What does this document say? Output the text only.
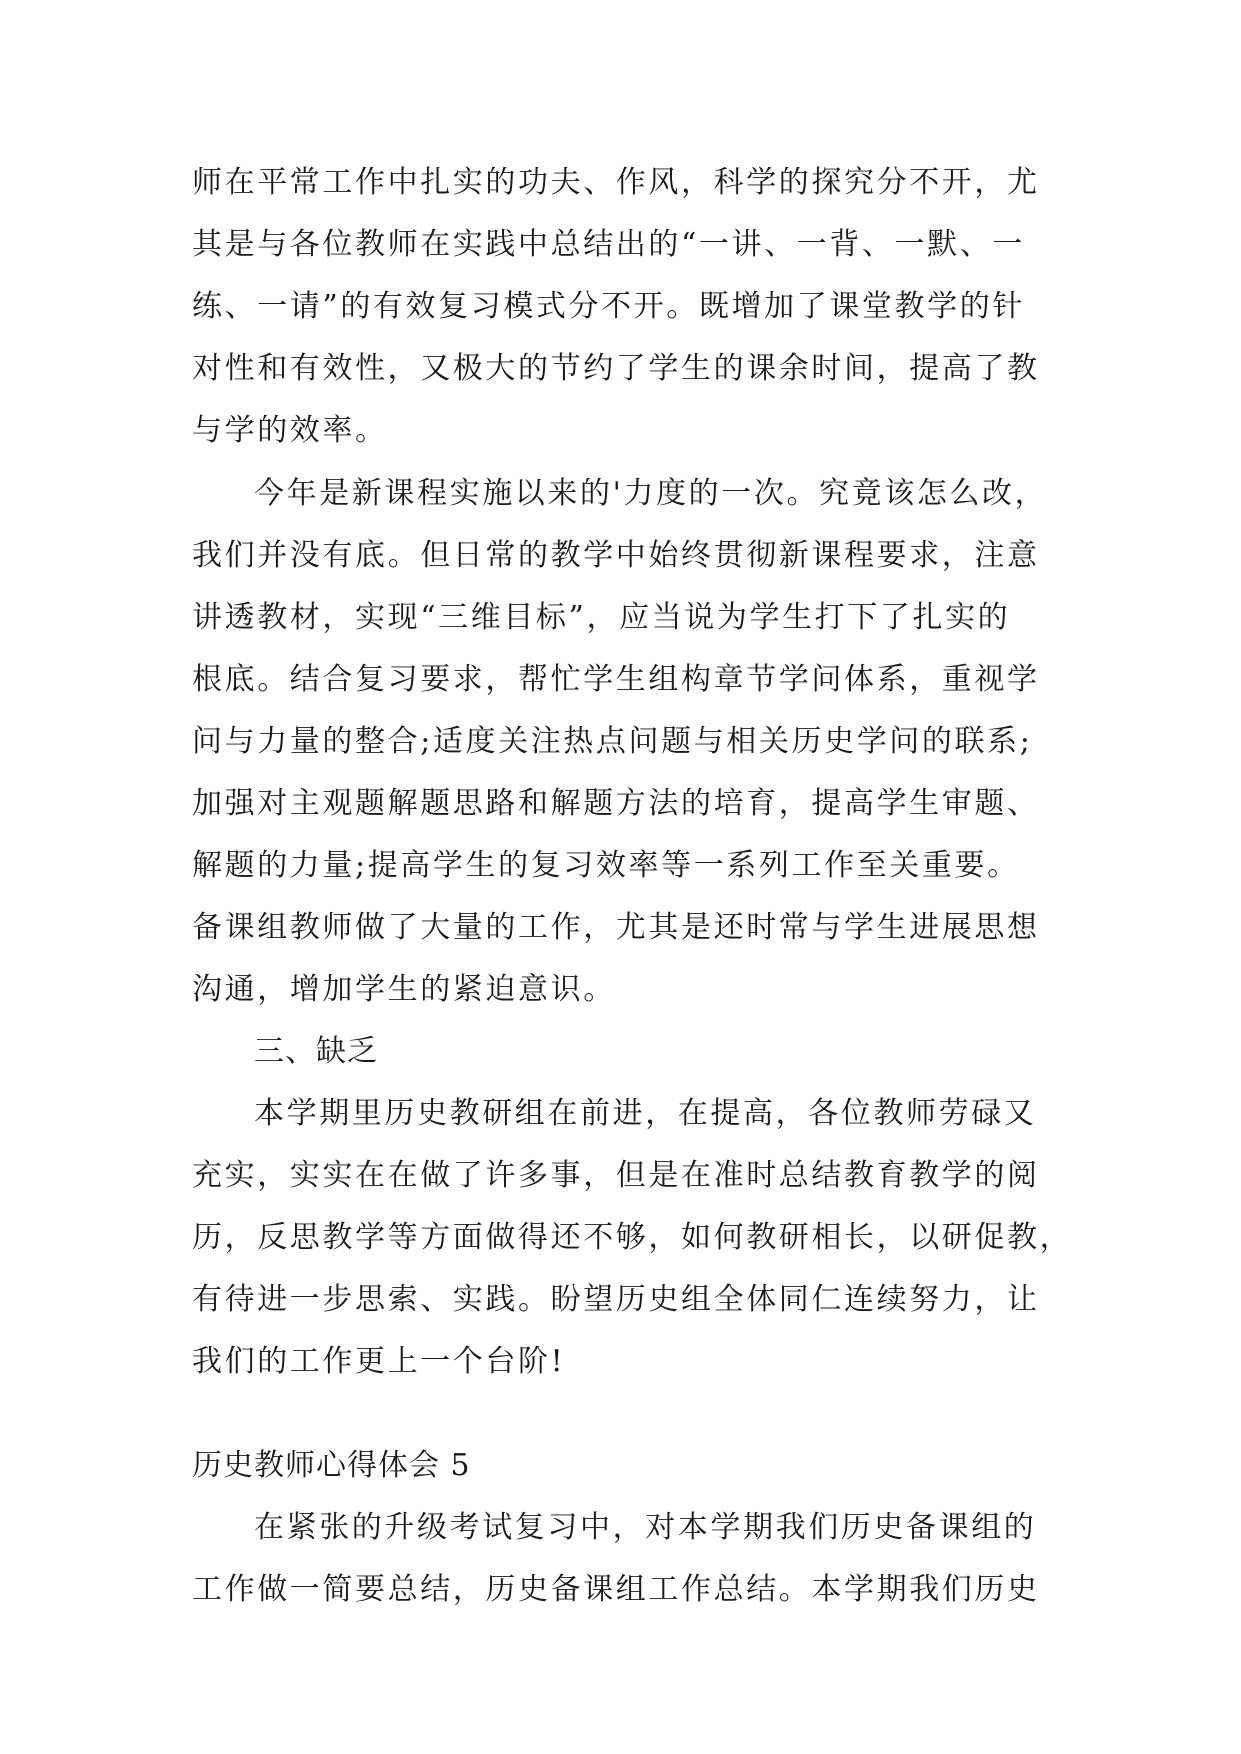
师在平常工作中扎实的功夫、作风，科学的探究分不开，尤
其是与各位教师在实践中总结出的“一讲、一背、一默、一
练、一请”的有效复习模式分不开。既增加了课堂教学的针
对性和有效性，又极大的节约了学生的课余时间，提高了教
与学的效率。
今年是新课程实施以来的'力度的一次。究竟该怎么改，
我们并没有底。但日常的教学中始终贯彻新课程要求，注意
讲透教材，实现“三维目标”，应当说为学生打下了扎实的
根底。结合复习要求，帮忙学生组构章节学问体系，重视学
问与力量的整合;适度关注热点问题与相关历史学问的联系;
加强对主观题解题思路和解题方法的培育，提高学生审题、
解题的力量;提高学生的复习效率等一系列工作至关重要。
备课组教师做了大量的工作，尤其是还时常与学生进展思想
沟通，增加学生的紧迫意识。
三、缺乏
本学期里历史教研组在前进，在提高，各位教师劳碌又
充实，实实在在做了许多事，但是在准时总结教育教学的阅
历，反思教学等方面做得还不够，如何教研相长，以研促教，
有待进一步思索、实践。盼望历史组全体同仁连续努力，让
我们的工作更上一个台阶!
历史教师心得体会 5
在紧张的升级考试复习中，对本学期我们历史备课组的
工作做一简要总结，历史备课组工作总结。本学期我们历史
